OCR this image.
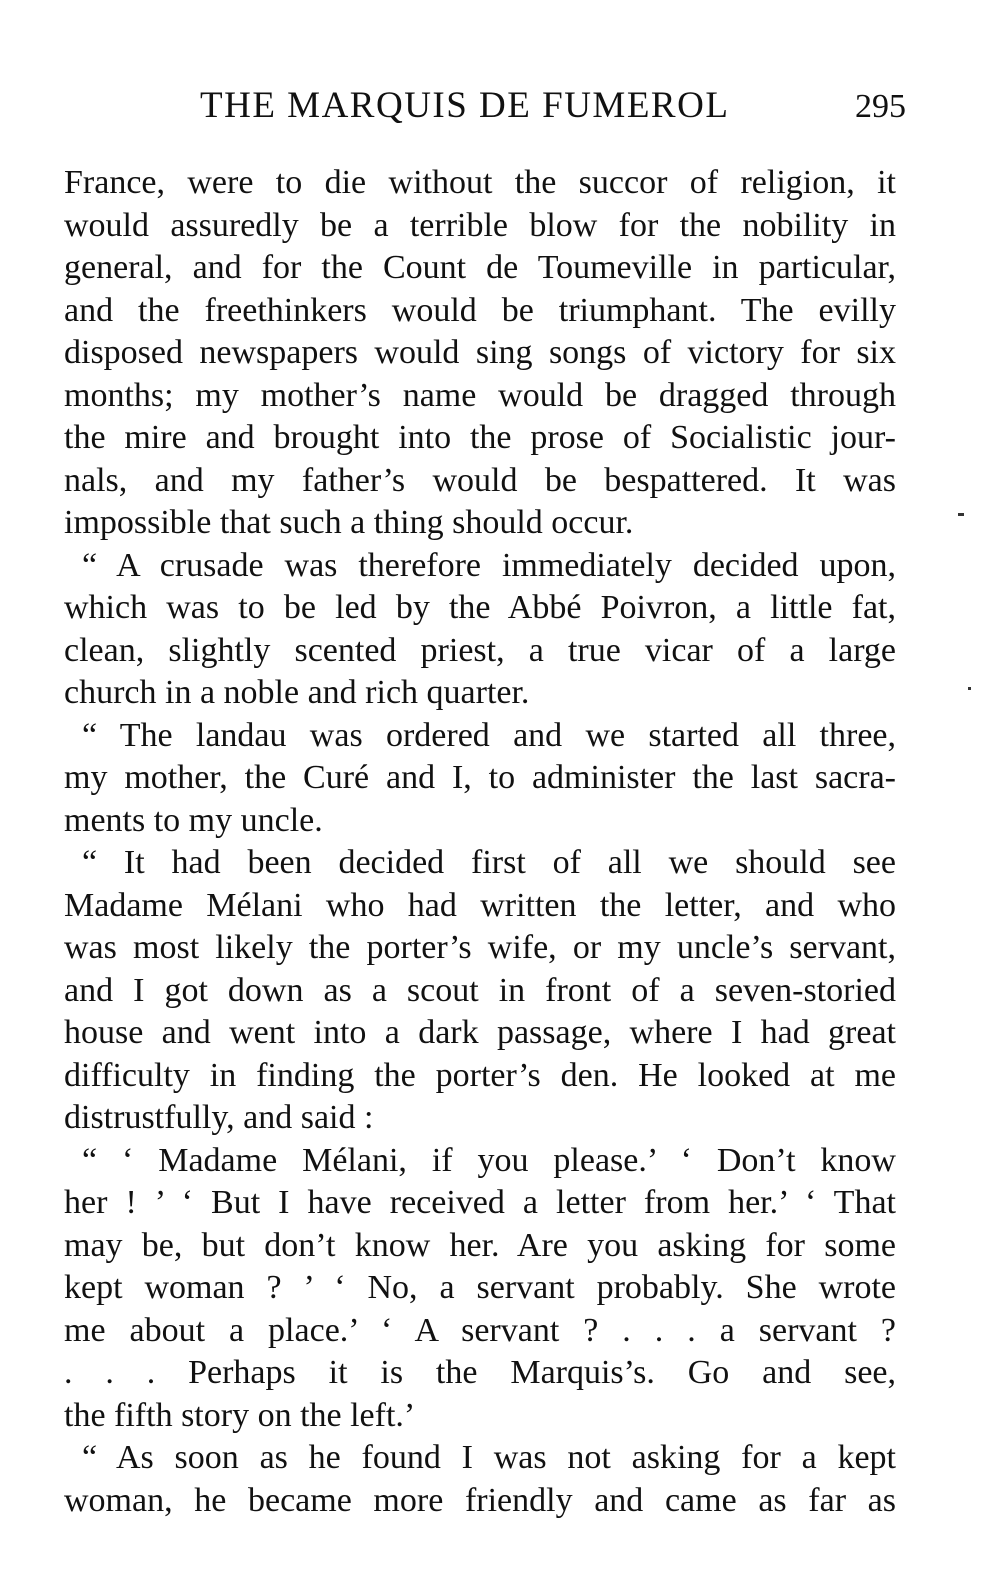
THE MARQUIS DE FUMEROL	295

France, were to die without the succor of religion, it
would assuredly be a terrible blow for the nobility in
general, and for the Count de Toumeville in particular,
and the freethinkers would be triumphant. The evilly
disposed newspapers would sing songs of victory for six
months; my mother’s name would be dragged through
the mire and brought into the prose of Socialistic jour-
nals, and my father’s would be bespattered. It was
impossible that such a thing should occur.

“ A crusade was therefore immediately decided upon,

which was to be led by the Abbé Poivron, a little fat,
clean, slightly scented priest, a true vicar of a large
church in a noble and rich quarter.

“ The landau was ordered and we started all three,

my mother, the Curé and I, to administer the last sacra-
ments to my uncle.

“ It had been decided first of all we should see

Madame Mélani who had written the letter, and who
was most likely the porter’s wife, or my uncle’s servant,
and I got down as a scout in front of a seven-storied
house and went into a dark passage, where I had great
difficulty in finding the porter’s den. He looked at me
distrustfully, and said :

“ ‘ Madame Mélani, if you please.’ ‘ Don’t know

her ! ’ ‘ But I have received a letter from her.’ ‘ That
may be, but don’t know her. Are you asking for some
kept woman ? ’ ‘ No, a servant probably. She wrote
me about a place.’ ‘ A servant ? . . . a servant ?
. . . Perhaps it is the Marquis’s. Go and see,
the fifth story on the left.’

“ As soon as he found I was not asking for a kept

woman, he became more friendly and came as far as
